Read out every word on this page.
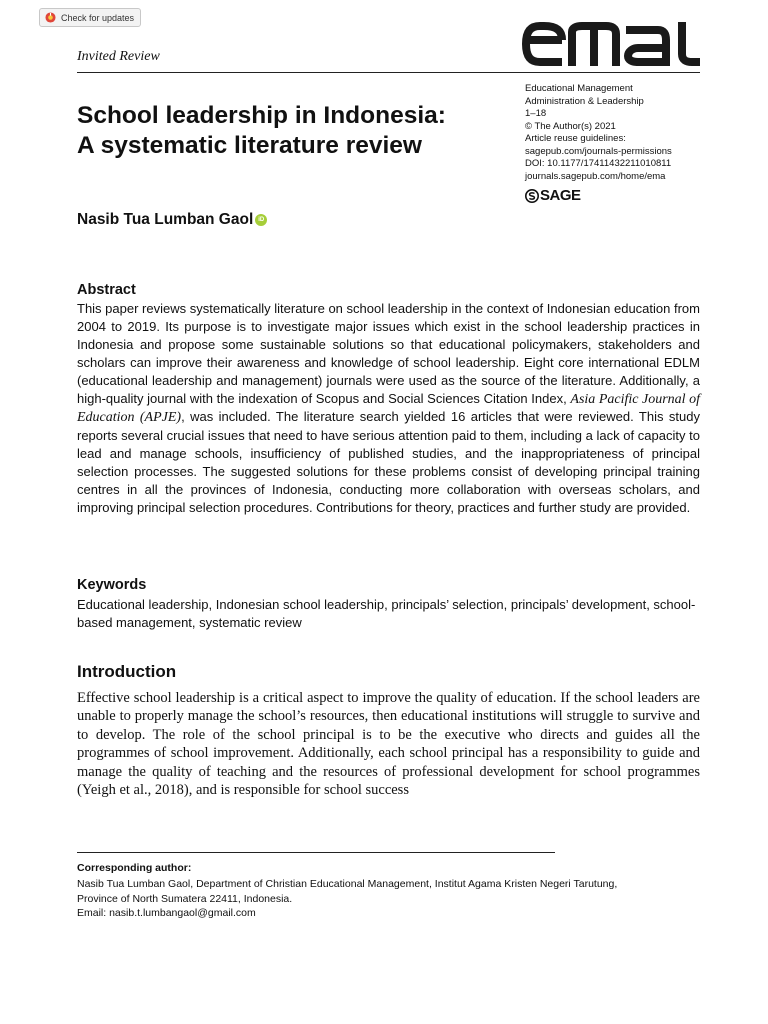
Check for updates
Invited Review
School leadership in Indonesia:
A systematic literature review
Educational Management
Administration & Leadership
1–18
© The Author(s) 2021
Article reuse guidelines:
sagepub.com/journals-permissions
DOI: 10.1177/17411432211010811
journals.sagepub.com/home/ema
SAGE
Nasib Tua Lumban Gaol iD
Abstract
This paper reviews systematically literature on school leadership in the context of Indonesian education from 2004 to 2019. Its purpose is to investigate major issues which exist in the school leadership practices in Indonesia and propose some sustainable solutions so that educational policymakers, stakeholders and scholars can improve their awareness and knowledge of school leadership. Eight core international EDLM (educational leadership and management) journals were used as the source of the literature. Additionally, a high-quality journal with the indexation of Scopus and Social Sciences Citation Index, Asia Pacific Journal of Education (APJE), was included. The literature search yielded 16 articles that were reviewed. This study reports several crucial issues that need to have serious attention paid to them, including a lack of capacity to lead and manage schools, insufficiency of published studies, and the inappropriateness of principal selection processes. The suggested solutions for these problems consist of developing principal training centres in all the provinces of Indonesia, conducting more collaboration with overseas scholars, and improving principal selection procedures. Contributions for theory, practices and further study are provided.
Keywords
Educational leadership, Indonesian school leadership, principals’ selection, principals’ development, school-based management, systematic review
Introduction
Effective school leadership is a critical aspect to improve the quality of education. If the school leaders are unable to properly manage the school’s resources, then educational institutions will struggle to survive and to develop. The role of the school principal is to be the executive who directs and guides all the programmes of school improvement. Additionally, each school principal has a responsibility to guide and manage the quality of teaching and the resources of professional development for school programmes (Yeigh et al., 2018), and is responsible for school success
Corresponding author:
Nasib Tua Lumban Gaol, Department of Christian Educational Management, Institut Agama Kristen Negeri Tarutung,
Province of North Sumatera 22411, Indonesia.
Email: nasib.t.lumbangaol@gmail.com
